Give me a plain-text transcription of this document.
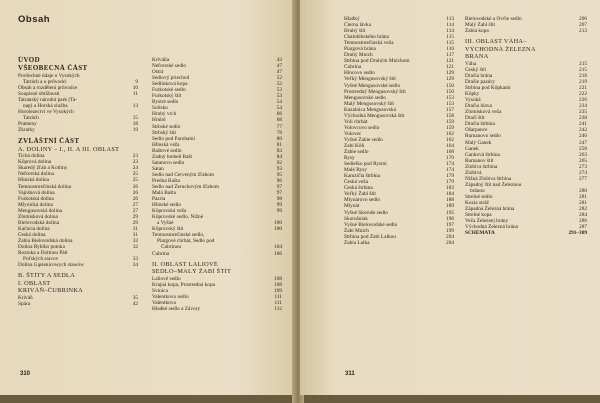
Obsah
ÚVOD
VŠEOBECNÁ ČÁST
Povšechné údaje o Vysokých
Tatrách a o průvodci	9
Obsah a rozdělení průvodce	10
Soupisné obtížnosti	11
Tatranský národní park (Ta-
nap) a Horská služba	13
Horolezectví ve Vysokých
Tatrách	15
Prameny	18
Zkratky	19
ZVLÁŠTNÍ ČÁST
A. DOLINY – I., II. A III. OBLAST
Tichá dolina	23
Kôprová dolina	23
Škaredý žľab a Kotliny	24
Nefcerská dolina	25
Hlinská dolina	25
Temnosmrečinská dolina	26
Vajnšnová dolina	26
Furkotská dolina	26
Mlynická dolina	27
Mengusovská dolina	27
Zlomisková dolina	29
Bielovodská dolina	29
Kačacia dolina	31
Česká dolina	31
Žabia Bielovodská dolina	32
Dolina Rybího potoka	32
Roztoka a Dolinou Päti
Poľských stavov	33
Dolina Gąsienicowych stawów	34
B. ŠTÍTY A SEDLA
I. OBLAST
KRIVÁŇ–ČUBRINKA
Kriváň	35
Spára	42
Kriváňa	43
Nefcerské sedlo	47
Ostrá	47
Sedlový priechod	52
Sedlinková kopa	52
Furkotské sedlo	53
Furkotský štít	53
Bystré sedlo	54
Solisko	54
Hrubý vrch	66
Hrubô	68
Štrbské sedlo	77
Štrbský štít	78
Sedlo pod Parohami	80
Hlinská veža	81
Baštové sedlo	83
Zadný hrebeň Bašt	84
Satanovo sedlo	92
Satan	93
Sedlo nad Červeným žľabom	95
Predná Bašta	96
Sedlo nad Žeruchovým žľabom	97
Malá Bašta	97
Pazria	98
Hlinské sedlo	99
Kôprovská veža	99
Kôprovské sedlo, Nižné
a Vyšné	100
Kôprovský štít	100
Temnosmrečinské sedlo,
Piargové chrbát, Sedlo pod
Čubrinou	104
Čubrina	106
II. OBLAST LALIOVÉ
SEDLO–MALÝ ŽABÍ ŠTÍT
Laliové sedlo	108
Krajná kopa, Prostredná kopa	108
Svinica	109
Valentkovo sedlo	111
Valentkova	111
Hladké sedlo a Závory	112
310
Hladký	113
Čierna lávka	114
Hrubý štít	114
Chalubibského brána	115
Temnosmrečinská veža	115
Piargová brána	116
Druhý Mnich	117
Štrbina pod Druhým Mnichom	121
Čubrina	121
Hincovo sedlo	129
Veľký Mengusovský štít	129
Vyšné Mengusovské sedlo	150
Prostredný Mengusovský štít	150
Mengusovské sedlo	153
Malý Mengusovský štít	153
Kazalnica Mengusovská	157
Východná Mengusovská štít	158
Voli chrbát	159
Volovcovo sedlo	159
Volovec	162
Vyšné Žabie sedlo	162
Žabí Kôň	164
Žabie sedlo	168
Rysy	170
Sedielko pod Rysmi	174
Malé Rysy	174
Kamzičia štrbina	179
Česká veža	179
Česká štrbina	183
Veľký Žabí štít	184
Mlynárovo sedlo	188
Mlynár	189
Vyšné Skoruše sedlo	195
Skorušniak	196
Vyšné Bielovodské sedlo	197
Žabí Mnich	199
Štrbina pod Žabí Lalkou	204
Žabia Lalka	204
Bielovodské a Ovčie sedlo	206
Malý Žabí štít	207
Žabia kopa	213
III. OBLAST VÁHA–
VÝCHODNÁ ŽELEZNÁ
BRÁNA
Váha	215
Český štít	215
Dračia brána	218
Dračie pazúry	219
Štrbina pod Kôpkami	221
Kôpky	222
Vysoká	226
Dračia hlava	234
Zlomisková veža	235
Dračí štít	238
Dračia štrbina	241
Ošarpance	242
Rumanovo sedlo	246
Malý Ganek	247
Ganek	258
Ganková štrbina	263
Rumanov štít	265
Zlobiva štrbina	273
Zlobivá	274
Nižná Zlobiva štrbina	277
Západný štít nad Železnou
bránou	280
Strelné sedlo	281
Kozia stráž	281
Západná Železná brána	282
Strelné kopa	284
Veža Železnej brány	286
Východná Železná brána	287
SCHÉMATA	291–309
311
